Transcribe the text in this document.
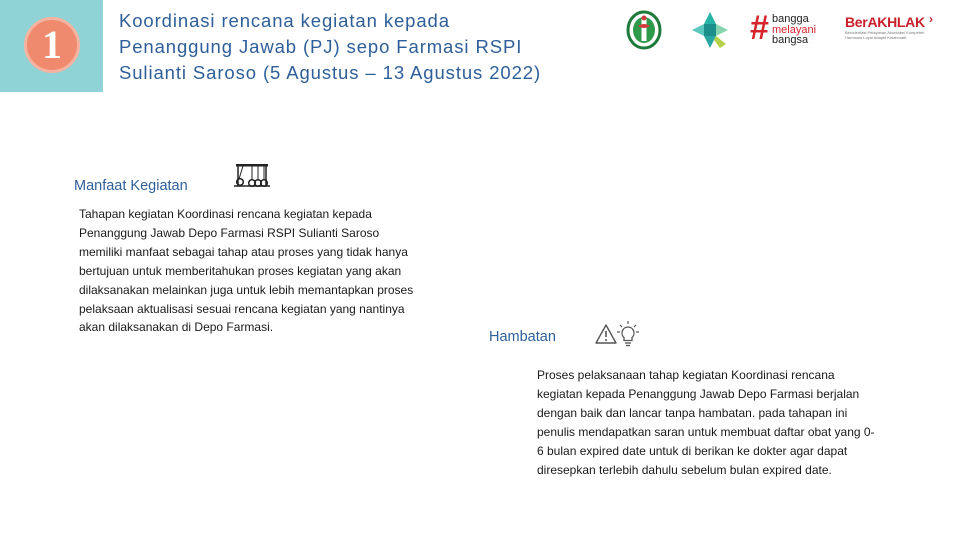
1
Koordinasi rencana kegiatan kepada
Penanggung Jawab (PJ) sepo Farmasi RSPI
Sulianti Saroso (5 Agustus – 13 Agustus 2022)
# bangga
melayani
bangsa
›
BerAKHLAK
Berorientasi Pelayanan Akuntabel Kompeten Harmonis Loyal Adaptif Kolaboratif
Manfaat Kegiatan
Tahapan kegiatan Koordinasi rencana kegiatan kepada
Penanggung Jawab Depo Farmasi RSPI Sulianti Saroso
memiliki manfaat sebagai tahap atau proses yang tidak hanya
bertujuan untuk memberitahukan proses kegiatan yang akan
dilaksanakan melainkan juga untuk lebih memantapkan proses
pelaksaan aktualisasi sesuai rencana kegiatan yang nantinya
akan dilaksanakan di Depo Farmasi.
Hambatan
Proses pelaksanaan tahap kegiatan Koordinasi rencana
kegiatan kepada Penanggung Jawab Depo Farmasi berjalan
dengan baik dan lancar tanpa hambatan. pada tahapan ini
penulis mendapatkan saran untuk membuat daftar obat yang 0-
6 bulan expired date untuk di berikan ke dokter agar dapat
diresepkan terlebih dahulu sebelum bulan expired date.
